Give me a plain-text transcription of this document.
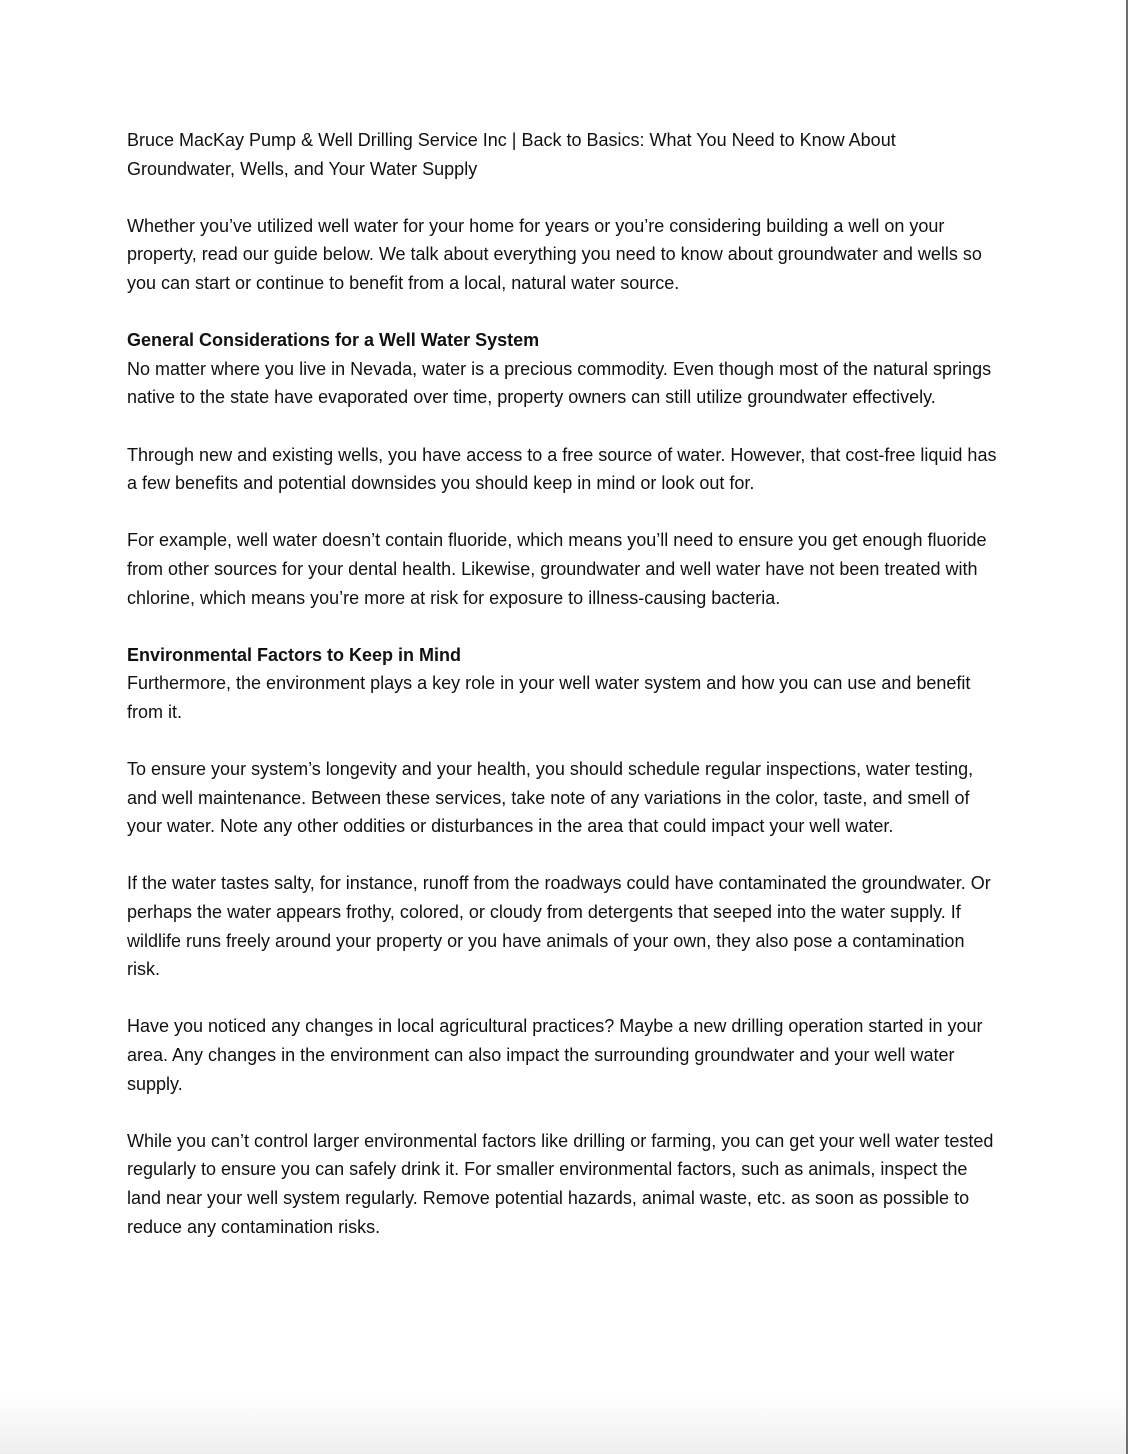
Bruce MacKay Pump & Well Drilling Service Inc | Back to Basics: What You Need to Know About Groundwater, Wells, and Your Water Supply

Whether you’ve utilized well water for your home for years or you’re considering building a well on your property, read our guide below. We talk about everything you need to know about groundwater and wells so you can start or continue to benefit from a local, natural water source.

General Considerations for a Well Water System

No matter where you live in Nevada, water is a precious commodity. Even though most of the natural springs native to the state have evaporated over time, property owners can still utilize groundwater effectively.

Through new and existing wells, you have access to a free source of water. However, that cost-free liquid has a few benefits and potential downsides you should keep in mind or look out for.

For example, well water doesn’t contain fluoride, which means you’ll need to ensure you get enough fluoride from other sources for your dental health. Likewise, groundwater and well water have not been treated with chlorine, which means you’re more at risk for exposure to illness-causing bacteria.

Environmental Factors to Keep in Mind

Furthermore, the environment plays a key role in your well water system and how you can use and benefit from it.

To ensure your system’s longevity and your health, you should schedule regular inspections, water testing, and well maintenance. Between these services, take note of any variations in the color, taste, and smell of your water. Note any other oddities or disturbances in the area that could impact your well water.

If the water tastes salty, for instance, runoff from the roadways could have contaminated the groundwater. Or perhaps the water appears frothy, colored, or cloudy from detergents that seeped into the water supply. If wildlife runs freely around your property or you have animals of your own, they also pose a contamination risk.

Have you noticed any changes in local agricultural practices? Maybe a new drilling operation started in your area. Any changes in the environment can also impact the surrounding groundwater and your well water supply.

While you can’t control larger environmental factors like drilling or farming, you can get your well water tested regularly to ensure you can safely drink it. For smaller environmental factors, such as animals, inspect the land near your well system regularly. Remove potential hazards, animal waste, etc. as soon as possible to reduce any contamination risks.
